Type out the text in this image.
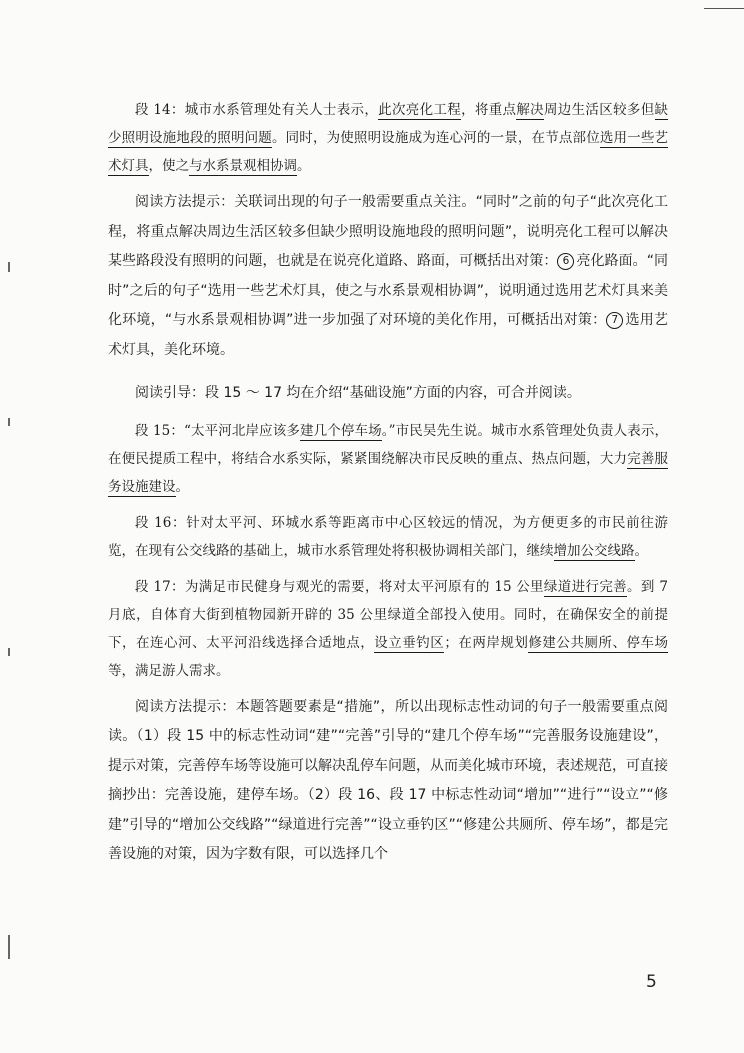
段 14：城市水系管理处有关人士表示，此次亮化工程，将重点解决周边生活区较多但缺少照明设施地段的照明问题。同时，为使照明设施成为连心河的一景，在节点部位选用一些艺术灯具，使之与水系景观相协调。

阅读方法提示：关联词出现的句子一般需要重点关注。“同时”之前的句子“此次亮化工程，将重点解决周边生活区较多但缺少照明设施地段的照明问题”，说明亮化工程可以解决某些路段没有照明的问题，也就是在说亮化道路、路面，可概括出对策： 6 亮化路面。“同时”之后的句子“选用一些艺术灯具，使之与水系景观相协调”，说明通过选用艺术灯具来美化环境，“与水系景观相协调”进一步加强了对环境的美化作用，可概括出对策： 7 选用艺术灯具，美化环境。

阅读引导：段 15 ～ 17 均在介绍“基础设施”方面的内容，可合并阅读。

段 15：“太平河北岸应该多建几个停车场。”市民吴先生说。城市水系管理处负责人表示，在便民提质工程中，将结合水系实际，紧紧围绕解决市民反映的重点、热点问题，大力完善服务设施建设。

段 16：针对太平河、环城水系等距离市中心区较远的情况，为方便更多的市民前往游览，在现有公交线路的基础上，城市水系管理处将积极协调相关部门，继续增加公交线路。

段 17：为满足市民健身与观光的需要，将对太平河原有的 15 公里绿道进行完善。到 7 月底，自体育大街到植物园新开辟的 35 公里绿道全部投入使用。同时，在确保安全的前提下，在连心河、太平河沿线选择合适地点，设立垂钓区；在两岸规划修建公共厕所、停车场等，满足游人需求。

阅读方法提示：本题答题要素是“措施”，所以出现标志性动词的句子一般需要重点阅读。（1）段 15 中的标志性动词“建”“完善”引导的“建几个停车场”“完善服务设施建设”，提示对策，完善停车场等设施可以解决乱停车问题，从而美化城市环境，表述规范，可直接摘抄出：完善设施，建停车场。（2）段 16、段 17 中标志性动词“增加”“进行”“设立”“修建”引导的“增加公交线路”“绿道进行完善”“设立垂钓区”“修建公共厕所、停车场”，都是完善设施的对策，因为字数有限，可以选择几个

5
